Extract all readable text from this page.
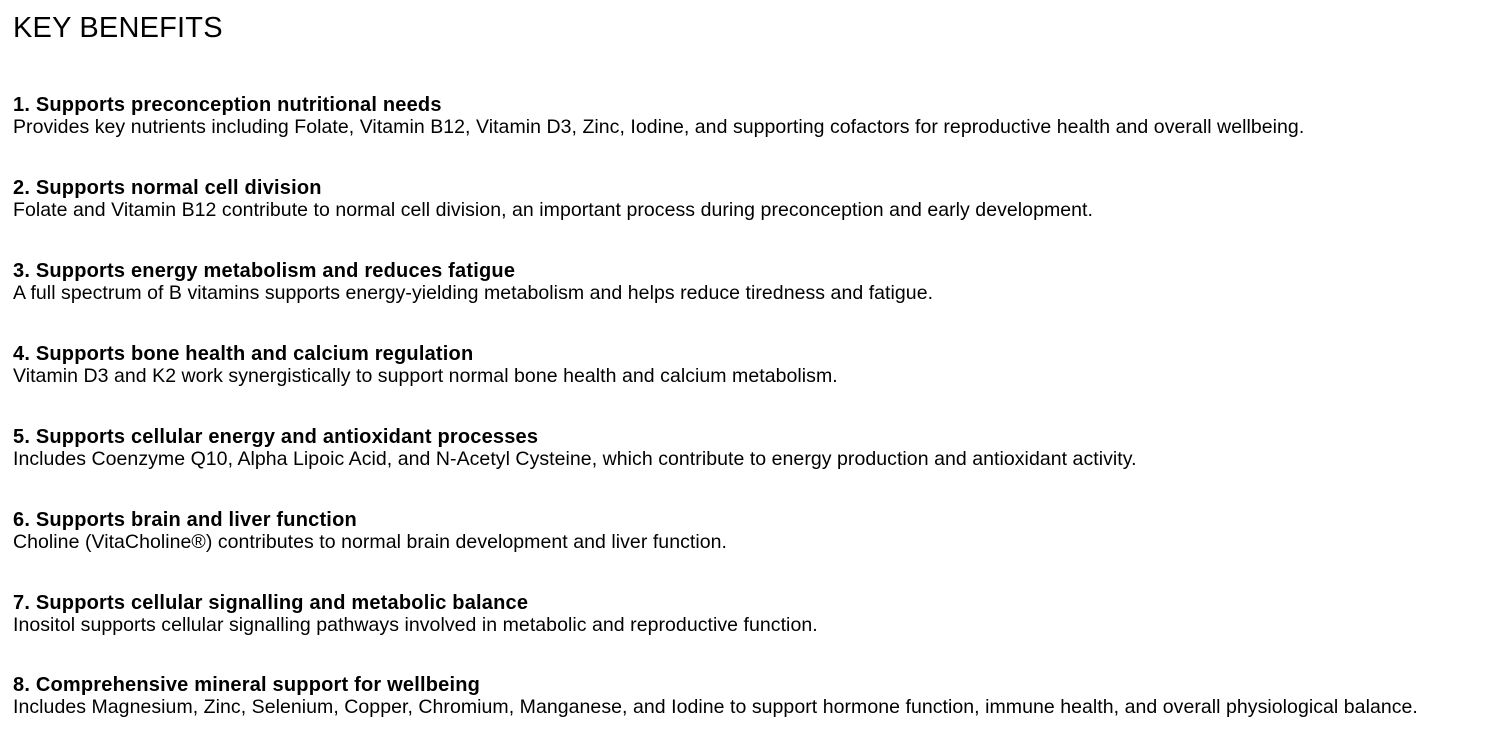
KEY BENEFITS
1. Supports preconception nutritional needs
Provides key nutrients including Folate, Vitamin B12, Vitamin D3, Zinc, Iodine, and supporting cofactors for reproductive health and overall wellbeing.
2. Supports normal cell division
Folate and Vitamin B12 contribute to normal cell division, an important process during preconception and early development.
3. Supports energy metabolism and reduces fatigue
A full spectrum of B vitamins supports energy-yielding metabolism and helps reduce tiredness and fatigue.
4. Supports bone health and calcium regulation
Vitamin D3 and K2 work synergistically to support normal bone health and calcium metabolism.
5. Supports cellular energy and antioxidant processes
Includes Coenzyme Q10, Alpha Lipoic Acid, and N-Acetyl Cysteine, which contribute to energy production and antioxidant activity.
6. Supports brain and liver function
Choline (VitaCholine®) contributes to normal brain development and liver function.
7. Supports cellular signalling and metabolic balance
Inositol supports cellular signalling pathways involved in metabolic and reproductive function.
8. Comprehensive mineral support for wellbeing
Includes Magnesium, Zinc, Selenium, Copper, Chromium, Manganese, and Iodine to support hormone function, immune health, and overall physiological balance.
